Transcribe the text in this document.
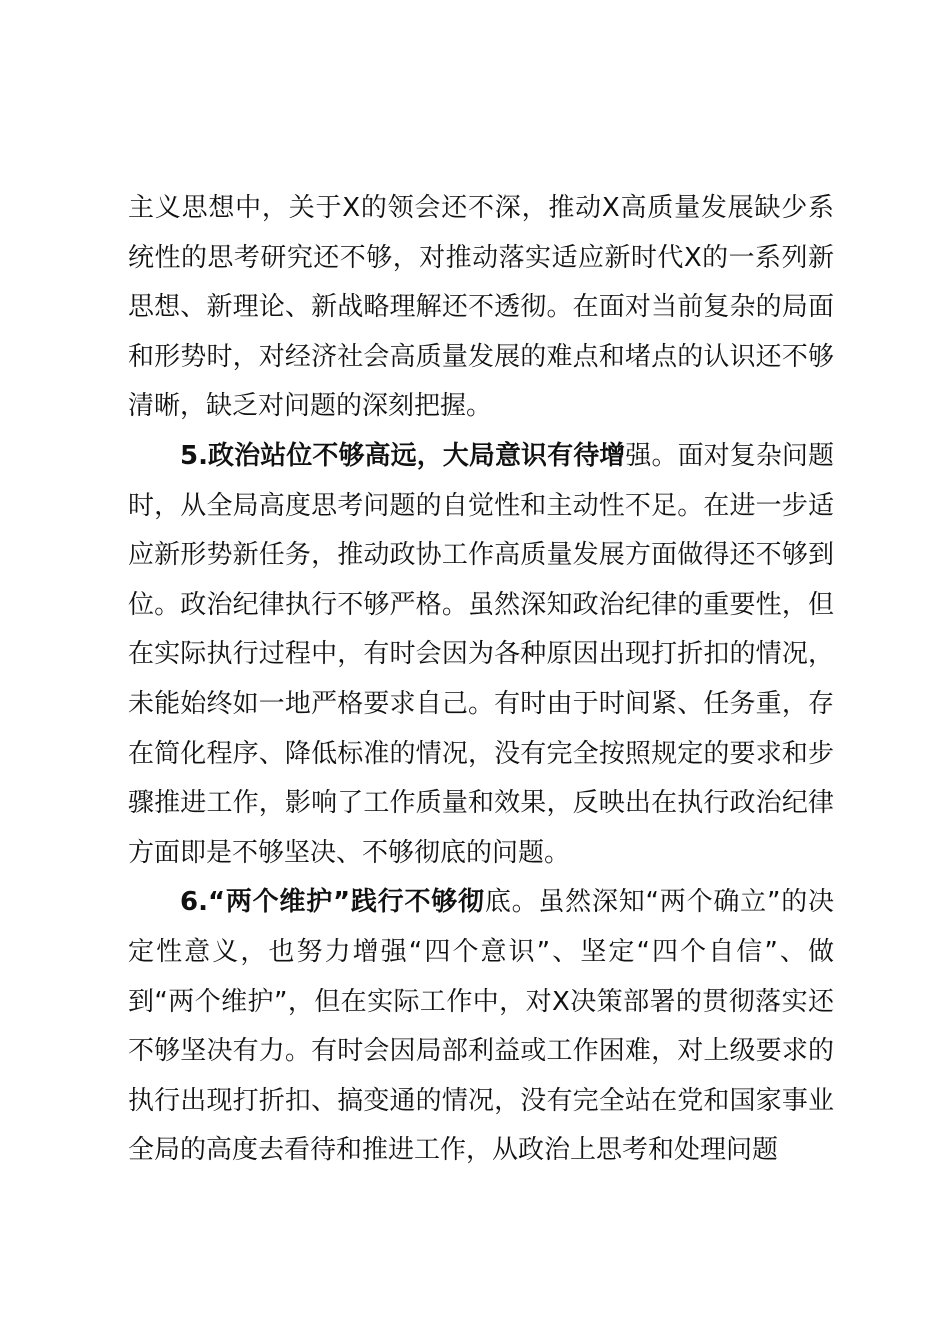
主义思想中，关于X的领会还不深，推动X高质量发展缺少系统性的思考研究还不够，对推动落实适应新时代X的一系列新思想、新理论、新战略理解还不透彻。在面对当前复杂的局面和形势时，对经济社会高质量发展的难点和堵点的认识还不够清晰，缺乏对问题的深刻把握。

5.政治站位不够高远，大局意识有待增强。面对复杂问题时，从全局高度思考问题的自觉性和主动性不足。在进一步适应新形势新任务，推动政协工作高质量发展方面做得还不够到位。政治纪律执行不够严格。虽然深知政治纪律的重要性，但在实际执行过程中，有时会因为各种原因出现打折扣的情况，未能始终如一地严格要求自己。有时由于时间紧、任务重，存在简化程序、降低标准的情况，没有完全按照规定的要求和步骤推进工作，影响了工作质量和效果，反映出在执行政治纪律方面即是不够坚决、不够彻底的问题。

6.“两个维护”践行不够彻底。虽然深知“两个确立”的决定性意义，也努力增强“四个意识”、坚定“四个自信”、做到“两个维护”，但在实际工作中，对X决策部署的贯彻落实还不够坚决有力。有时会因局部利益或工作困难，对上级要求的执行出现打折扣、搞变通的情况，没有完全站在党和国家事业全局的高度去看待和推进工作，从政治上思考和处理问题
